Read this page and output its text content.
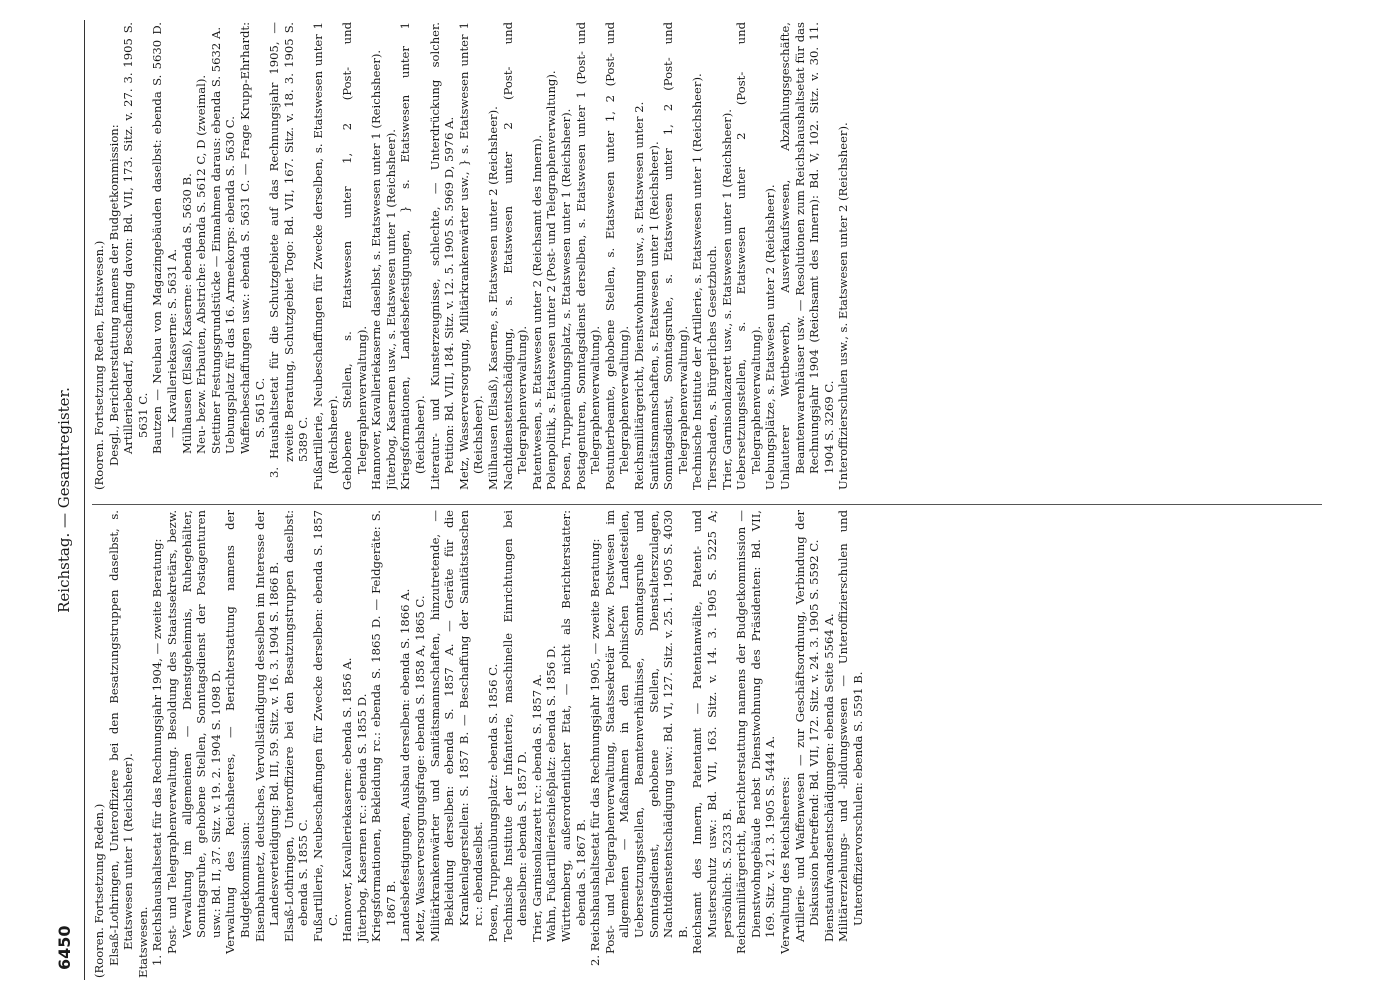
6450
Reichstag. — Gesamtregister.

(Rooren. Fortsetzung Reden.) Elsaß-Lothringen, Unteroffiziere bei den Besatzungstruppen daselbst, s. Etatswesen unter 1 (Reichsheer). Etatswesen. 1. Reichshaushaltsetat für das Rechnungsjahr 1904, — zweite Beratung: Post- und Telegraphenverwaltung. Besoldung des Staatssekretärs, bezw. Verwaltung im allgemeinen — Dienstgeheimnis, Ruhegehälter, Sonntagsruhe, gehobene Stellen, Sonntagsdienst der Postagenturen usw.: Bd. II, 37. Sitz. v. 19. 2. 1904 S. 1098 D. Verwaltung des Reichsheeres, — Berichterstattung namens der Budgetkommission: Eisenbahnnetz, deutsches, Vervollständigung desselben im Interesse der Landesverteidigung: Bd. III, 59. Sitz. v. 16. 3. 1904 S. 1866 B. Elsaß-Lothringen, Unteroffiziere bei den Besatzungstruppen daselbst: ebenda S. 1855 C. Fußartillerie, Neubeschaffungen für Zwecke derselben: ebenda S. 1857 C. Hannover, Kavalleriekaserne: ebenda S. 1856 A. Jüterbog, Kasernen rc.: ebenda S. 1855 D. Kriegsformationen, Bekleidung rc.: ebenda S. 1865 D. — Feldgeräte: S. 1867 B. Landesbefestigungen, Ausbau derselben: ebenda S. 1866 A. Metz, Wasserversorgungsfrage: ebenda S. 1858 A, 1865 C. Militärkrankenwärter und Sanitätsmannschaften, hinzutretende, — Bekleidung derselben: ebenda S. 1857 A. — Geräte für die Krankenlagerstellen: S. 1857 B. — Beschaffung der Sanitätstaschen rc.: ebendaselbst. Posen, Truppenübungsplatz: ebenda S. 1856 C. Technische Institute der Infanterie, maschinelle Einrichtungen bei denselben: ebenda S. 1857 D. Trier, Garnisonlazarett rc.: ebenda S. 1857 A. Wahn, Fußartillerieschießplatz: ebenda S. 1856 D. Württemberg, außerordentlicher Etat, — nicht als Berichterstatter: ebenda S. 1867 B. 2. Reichshaushaltsetat für das Rechnungsjahr 1905, — zweite Beratung: Post- und Telegraphenverwaltung, Staatssekretär bezw. Postwesen im allgemeinen — Maßnahmen in den polnischen Landesteilen, Uebersetzungsstellen, Beamtenverhältnisse, Sonntagsruhe und Sonntagsdienst, gehobene Stellen, Dienstalterszulagen, Nachtdienstentschädigung usw.: Bd. VI, 127. Sitz. v. 25. 1. 1905 S. 4030 B. Reichsamt des Innern, Patentamt — Patentanwälte, Patent- und Musterschutz usw.: Bd. VII, 163. Sitz. v. 14. 3. 1905 S. 5225 A; persönlich: S. 5233 B. Reichsmilitärgericht, Berichterstattung namens der Budgetkommission — Dienstwohngebäude nebst Dienstwohnung des Präsidenten: Bd. VII, 169. Sitz. v. 21. 3. 1905 S. 5444 A. Verwaltung des Reichsheeres: Artillerie- und Waffenwesen — zur Geschäftsordnung, Verbindung der Diskussion betreffend: Bd. VII, 172. Sitz. v. 24. 3. 1905 S. 5592 C. Dienstaufwandsentschädigungen: ebenda Seite 5564 A. Militärerziehungs- und -bildungswesen — Unteroffizierschulen und Unteroffiziervorschulen: ebenda S. 5591 B.

(Rooren. Fortsetzung Reden, Etatswesen.) Desgl., Berichterstattung namens der Budgetkommission: Artilleriebedarf, Beschaffung davon: Bd. VII, 173. Sitz. v. 27. 3. 1905 S. 5631 C. Bautzen — Neubau von Magazingebäuden daselbst: ebenda S. 5630 D. — Kavalleriekaserne: S. 5631 A. Mülhausen (Elsaß), Kaserne: ebenda S. 5630 B. Neu- bezw. Erbauten, Abstriche: ebenda S. 5612 C, D (zweimal). Stettiner Festungsgrundstücke — Einnahmen daraus: ebenda S. 5632 A. Uebungsplatz für das 16. Armeekorps: ebenda S. 5630 C. Waffenbeschaffungen usw.: ebenda S. 5631 C. — Frage Krupp-Ehrhardt: S. 5615 C. 3. Haushaltsetat für die Schutzgebiete auf das Rechnungsjahr 1905, — zweite Beratung, Schutzgebiet Togo: Bd. VII, 167. Sitz. v. 18. 3. 1905 S. 5389 C. Fußartillerie, Neubeschaffungen für Zwecke derselben, s. Etatswesen unter 1 (Reichsheer). Gehobene Stellen, s. Etatswesen unter 1, 2 (Post- und Telegraphenverwaltung). Hannover, Kavalleriekaserne daselbst, s. Etatswesen unter 1 (Reichsheer). Jüterbog, Kasernen usw., s. Etatswesen unter 1 (Reichsheer). Kriegsformationen, Landesbefestigungen, } s. Etatswesen unter 1 (Reichsheer). Literatur- und Kunsterzeugnisse, schlechte, — Unterdrückung solcher. Petition: Bd. VIII, 184. Sitz. v. 12. 5. 1905 S. 5969 D, 5976 A. Metz, Wasserversorgung, Militärkrankenwärter usw., } s. Etatswesen unter 1 (Reichsheer). Mülhausen (Elsaß), Kaserne, s. Etatswesen unter 2 (Reichsheer). Nachtdienstentschädigung, s. Etatswesen unter 2 (Post- und Telegraphenverwaltung). Patentwesen, s. Etatswesen unter 2 (Reichsamt des Innern). Polenpolitik, s. Etatswesen unter 2 (Post- und Telegraphenverwaltung). Posen, Truppenübungsplatz, s. Etatswesen unter 1 (Reichsheer). Postagenturen, Sonntagsdienst derselben, s. Etatswesen unter 1 (Post- und Telegraphenverwaltung). Postunterbeamte, gehobene Stellen, s. Etatswesen unter 1, 2 (Post- und Telegraphenverwaltung). Reichsmilitärgericht, Dienstwohnung usw., s. Etatswesen unter 2. Sanitätsmannschaften, s. Etatswesen unter 1 (Reichsheer). Sonntagsdienst, Sonntagsruhe, s. Etatswesen unter 1, 2 (Post- und Telegraphenverwaltung). Technische Institute der Artillerie, s. Etatswesen unter 1 (Reichsheer). Tierschaden, s. Bürgerliches Gesetzbuch. Trier, Garnisonlazarett usw., s. Etatswesen unter 1 (Reichsheer). Uebersetzungsstellen, s. Etatswesen unter 2 (Post- und Telegraphenverwaltung). Uebungsplätze, s. Etatswesen unter 2 (Reichsheer). Unlauterer Wettbewerb, Ausverkaufswesen, Abzahlungsgeschäfte, Beamtenwarenhäuser usw. — Resolutionen zum Reichshaushaltsetat für das Rechnungsjahr 1904 (Reichsamt des Innern): Bd. V, 102. Sitz. v. 30. 11. 1904 S. 3269 C. Unteroffizierschulen usw., s. Etatswesen unter 2 (Reichsheer).
